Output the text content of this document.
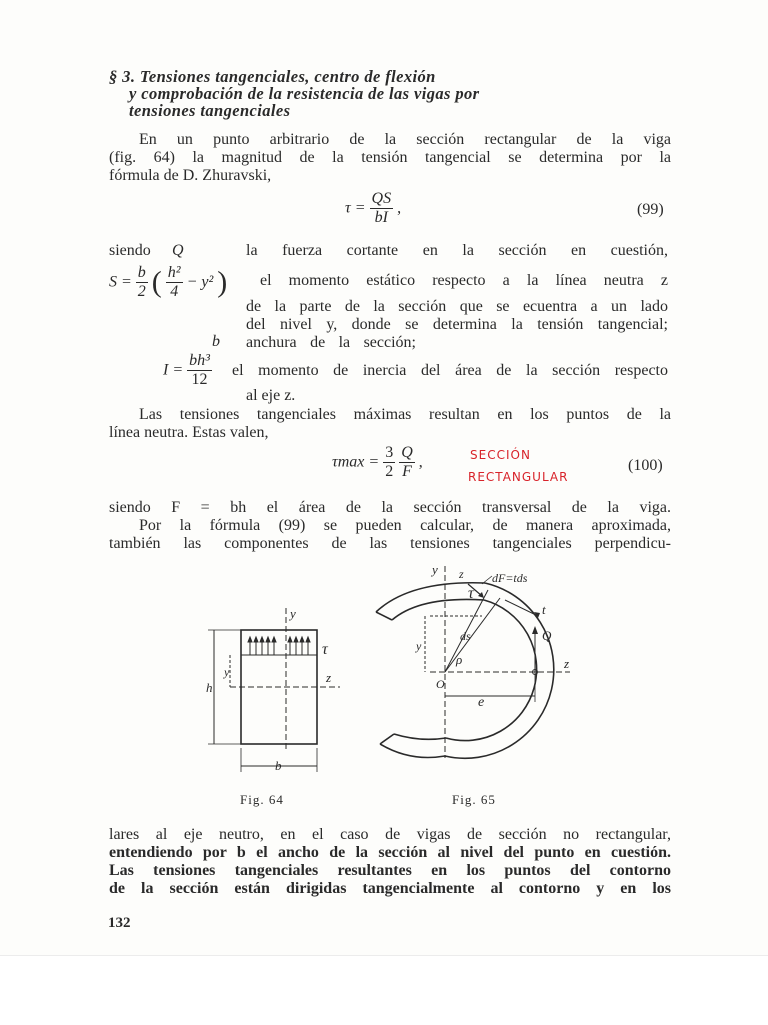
§ 3. Tensiones tangenciales, centro de flexión
y comprobación de la resistencia de las vigas por
tensiones tangenciales
En un punto arbitrario de la sección rectangular de la viga
(fig. 64) la magnitud de la tensión tangencial se determina por la
fórmula de D. Zhuravski,
$\tau = \frac{QS}{bI}$ ,	(99)
siendo Q	la fuerza cortante en la sección en cuestión,
$S = \frac{b}{2}$ ( $\frac{\text{h²}}{4} - y^2$ ) el momento estático respecto a la línea neutra z
de la parte de la sección que se ecuentra a un lado
del nivel y, donde se determina la tensión tangencial;
b anchura de la sección;
$I = \frac{\text{bh³}}{12}$ el momento de inercia del área de la sección respecto
al eje z.
Las tensiones tangenciales máximas resultan en los puntos de la
línea neutra. Estas valen,
$\tau\max = \frac{3}{2}$
$\frac{Q}{F}$ ,	(100)
SECCIÓN
RECTANGULAR
siendo F = bh el área de la sección transversal de la viga.
Por la fórmula (99) se pueden calcular, de manera aproximada,
también las componentes de las tensiones tangenciales perpendicu-
y
τ
z
h
y
b
Fig. 64
y z
τ
dF=tds
t
ds
ρ
Q
O
z
e
y
Fig. 65
lares al eje neutro, en el caso de vigas de sección no rectangular,
entendiendo por b el ancho de la sección al nivel del punto en cuestión.
Las tensiones tangenciales resultantes en los puntos del contorno
de la sección están dirigidas tangencialmente al contorno y en los
132
